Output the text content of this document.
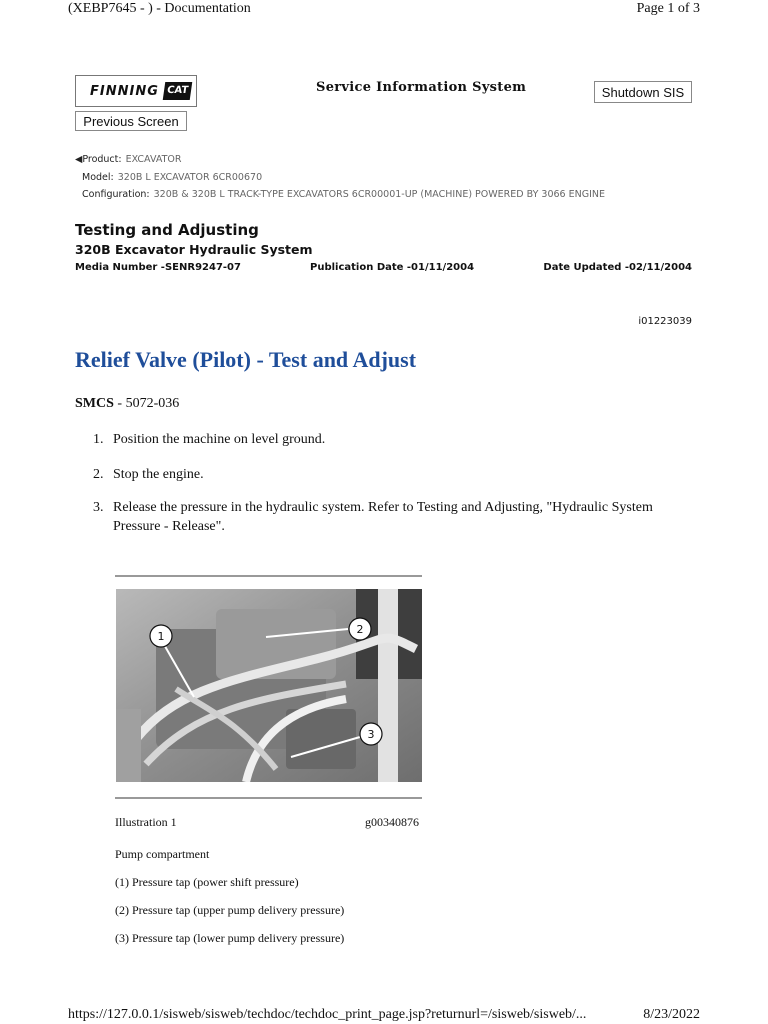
(XEBP7645 - ) - Documentation	Page 1 of 3
FINNING CAT	Service Information System	Shutdown SIS
Previous Screen
◀Product: EXCAVATOR
Model: 320B L EXCAVATOR 6CR00670
Configuration: 320B & 320B L TRACK-TYPE EXCAVATORS 6CR00001-UP (MACHINE) POWERED BY 3066 ENGINE
Testing and Adjusting
320B Excavator Hydraulic System
Media Number -SENR9247-07	Publication Date -01/11/2004	Date Updated -02/11/2004
i01223039
Relief Valve (Pilot) - Test and Adjust
SMCS - 5072-036
1. Position the machine on level ground.
2. Stop the engine.
3. Release the pressure in the hydraulic system. Refer to Testing and Adjusting, "Hydraulic System Pressure - Release".
1
2
3
Illustration 1	g00340876
Pump compartment
(1) Pressure tap (power shift pressure)
(2) Pressure tap (upper pump delivery pressure)
(3) Pressure tap (lower pump delivery pressure)
https://127.0.0.1/sisweb/sisweb/techdoc/techdoc_print_page.jsp?returnurl=/sisweb/sisweb/...	8/23/2022
